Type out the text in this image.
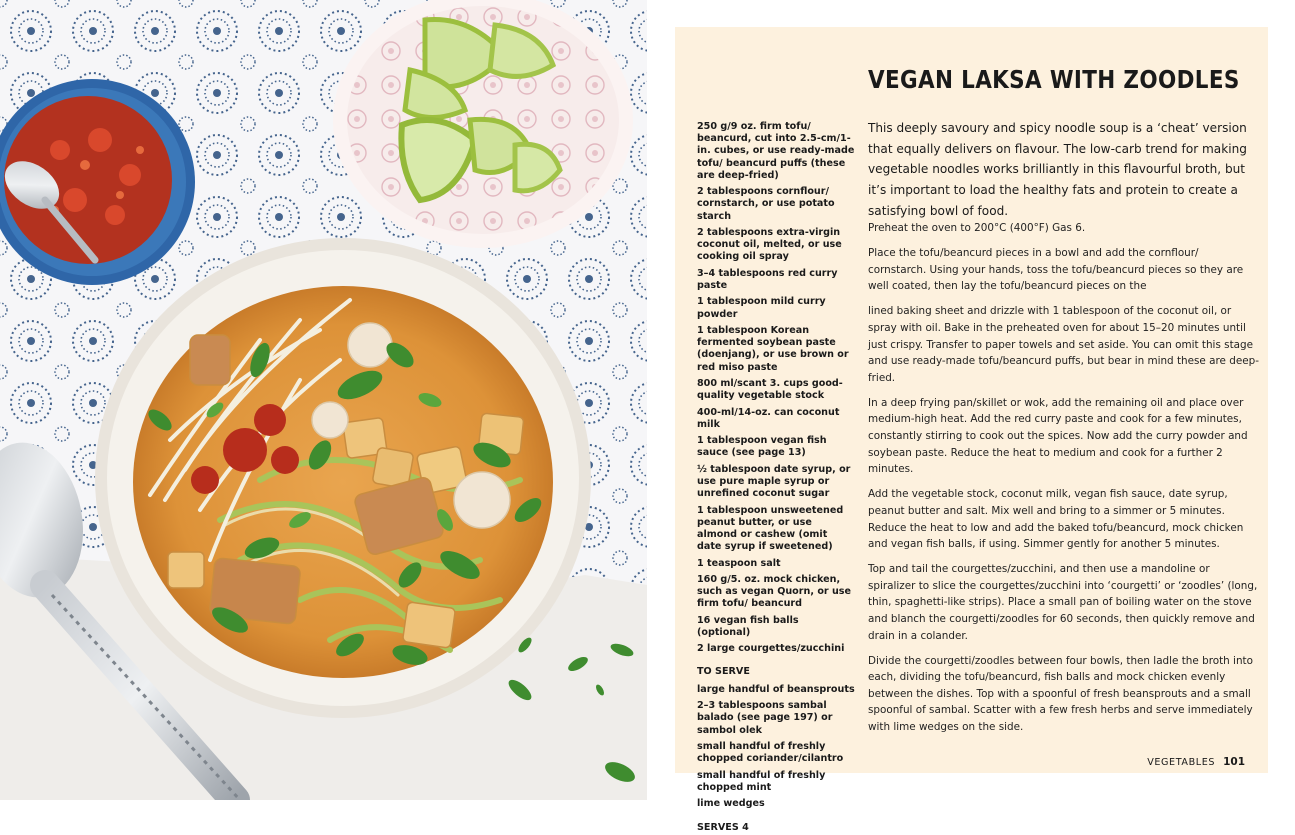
VEGAN LAKSA WITH ZOODLES
250 g/9 oz. firm tofu/ beancurd, cut into 2.5-cm/1-in. cubes, or use ready-made tofu/ beancurd puffs (these are deep-fried)
2 tablespoons cornflour/ cornstarch, or use potato starch
2 tablespoons extra-virgin coconut oil, melted, or use cooking oil spray
3–4 tablespoons red curry paste
1 tablespoon mild curry powder
1 tablespoon Korean fermented soybean paste (doenjang), or use brown or red miso paste
800 ml/scant 3. cups good-quality vegetable stock
400-ml/14-oz. can coconut milk
1 tablespoon vegan fish sauce (see page 13)
½ tablespoon date syrup, or use pure maple syrup or unrefined coconut sugar
1 tablespoon unsweetened peanut butter, or use almond or cashew (omit date syrup if sweetened)
1 teaspoon salt
160 g/5. oz. mock chicken, such as vegan Quorn, or use firm tofu/ beancurd
16 vegan fish balls (optional)
2 large courgettes/zucchini
TO SERVE
large handful of beansprouts
2–3 tablespoons sambal balado (see page 197) or sambol olek
small handful of freshly chopped coriander/cilantro
small handful of freshly chopped mint
lime wedges
SERVES 4

This deeply savoury and spicy noodle soup is a ‘cheat’ version that equally delivers on flavour. The low-carb trend for making vegetable noodles works brilliantly in this flavourful broth, but it’s important to load the healthy fats and protein to create a satisfying bowl of food.

Preheat the oven to 200°C (400°F) Gas 6.

Place the tofu/beancurd pieces in a bowl and add the cornflour/ cornstarch. Using your hands, toss the tofu/beancurd pieces so they are well coated, then lay the tofu/beancurd pieces on the

lined baking sheet and drizzle with 1 tablespoon of the coconut oil, or spray with oil. Bake in the preheated oven for about 15–20 minutes until just crispy. Transfer to paper towels and set aside. You can omit this stage and use ready-made tofu/beancurd puffs, but bear in mind these are deep-fried.

In a deep frying pan/skillet or wok, add the remaining oil and place over medium-high heat. Add the red curry paste and cook for a few minutes, constantly stirring to cook out the spices. Now add the curry powder and soybean paste. Reduce the heat to medium and cook for a further 2 minutes.

Add the vegetable stock, coconut milk, vegan fish sauce, date syrup, peanut butter and salt. Mix well and bring to a simmer or 5 minutes. Reduce the heat to low and add the baked tofu/beancurd, mock chicken and vegan fish balls, if using. Simmer gently for another 5 minutes.

Top and tail the courgettes/zucchini, and then use a mandoline or spiralizer to slice the courgettes/zucchini into ‘courgetti’ or ‘zoodles’ (long, thin, spaghetti-like strips). Place a small pan of boiling water on the stove and blanch the courgetti/zoodles for 60 seconds, then quickly remove and drain in a colander.

Divide the courgetti/zoodles between four bowls, then ladle the broth into each, dividing the tofu/beancurd, fish balls and mock chicken evenly between the dishes. Top with a spoonful of fresh beansprouts and a small spoonful of sambal. Scatter with a few fresh herbs and serve immediately with lime wedges on the side.

VEGETABLES 101
